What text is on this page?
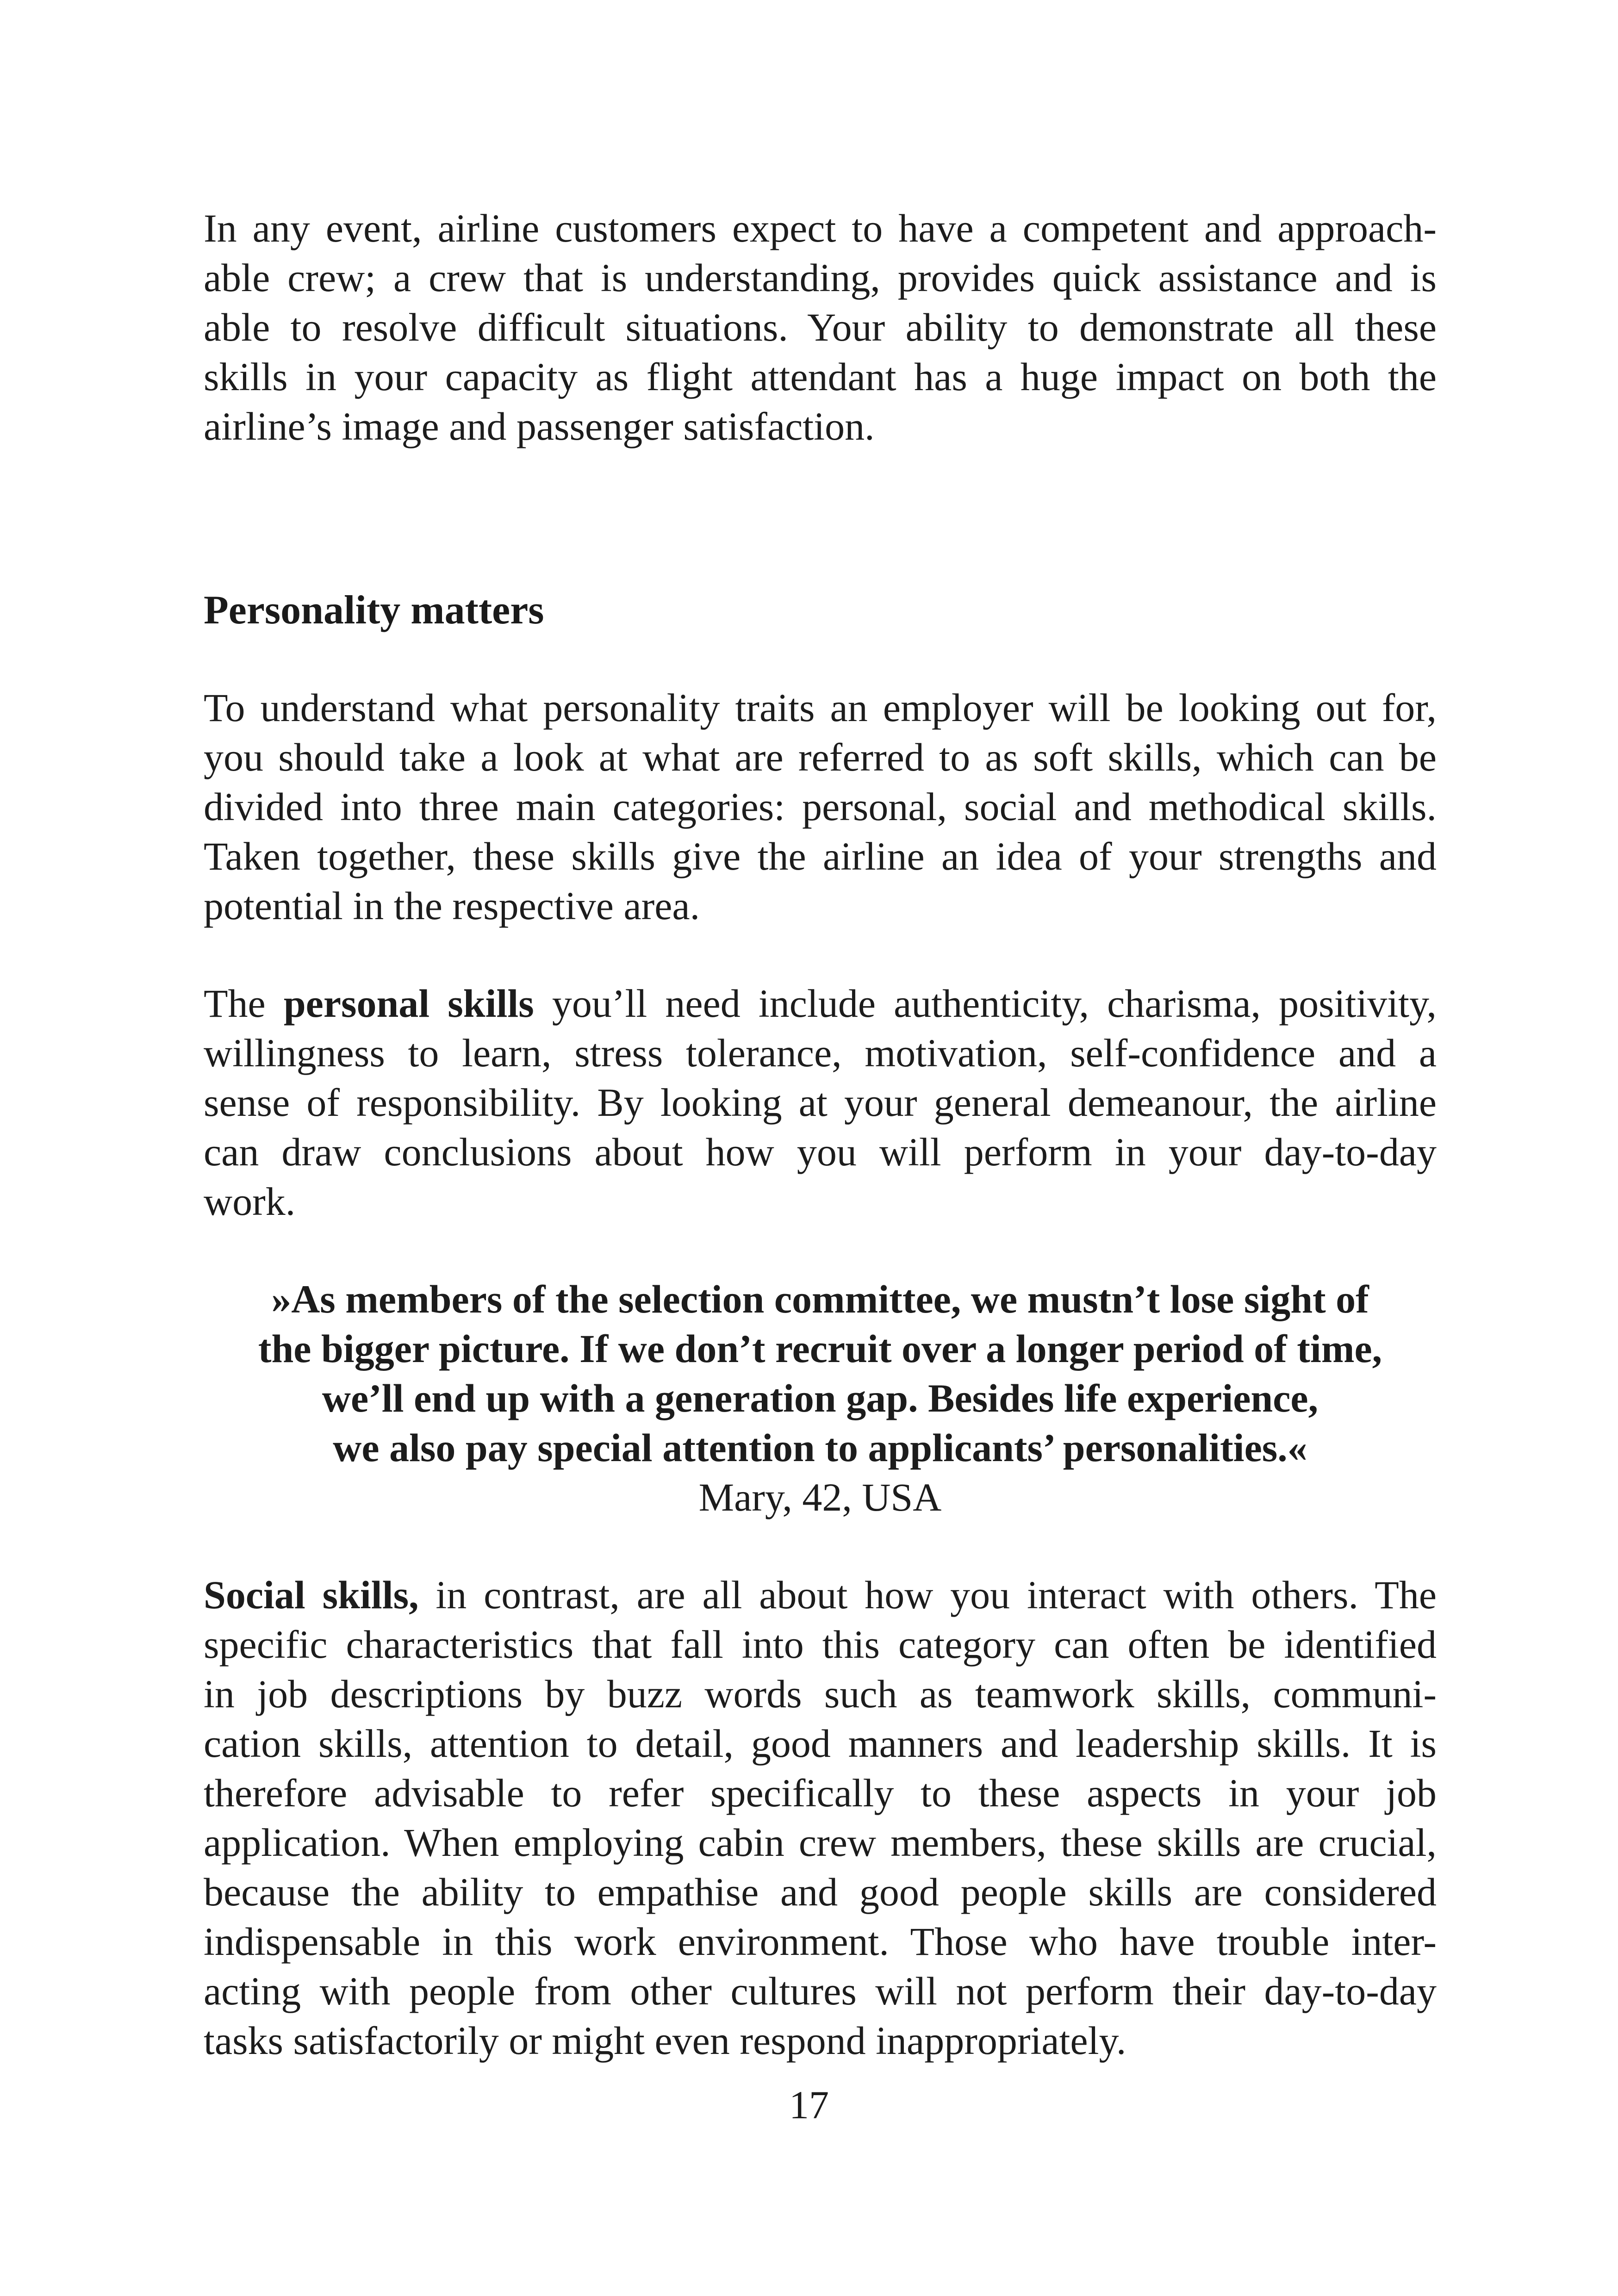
In any event, airline customers expect to have a competent and approach-
able crew; a crew that is understanding, provides quick assistance and is
able to resolve difficult situations. Your ability to demonstrate all these
skills in your capacity as flight attendant has a huge impact on both the
airline’s image and passenger satisfaction.

Personality matters

To understand what personality traits an employer will be looking out for,
you should take a look at what are referred to as soft skills, which can be
divided into three main categories: personal, social and methodical skills.
Taken together, these skills give the airline an idea of your strengths and
potential in the respective area.

The personal skills you’ll need include authenticity, charisma, positivity,
willingness to learn, stress tolerance, motivation, self-confidence and a
sense of responsibility. By looking at your general demeanour, the airline
can draw conclusions about how you will perform in your day-to-day
work.

»As members of the selection committee, we mustn’t lose sight of
the bigger picture. If we don’t recruit over a longer period of time,
we’ll end up with a generation gap. Besides life experience,
we also pay special attention to applicants’ personalities.«
Mary, 42, USA

Social skills, in contrast, are all about how you interact with others. The
specific characteristics that fall into this category can often be identified
in job descriptions by buzz words such as teamwork skills, communi-
cation skills, attention to detail, good manners and leadership skills. It is
therefore advisable to refer specifically to these aspects in your job
application. When employing cabin crew members, these skills are crucial,
because the ability to empathise and good people skills are considered
indispensable in this work environment. Those who have trouble inter-
acting with people from other cultures will not perform their day-to-day
tasks satisfactorily or might even respond inappropriately.

17
